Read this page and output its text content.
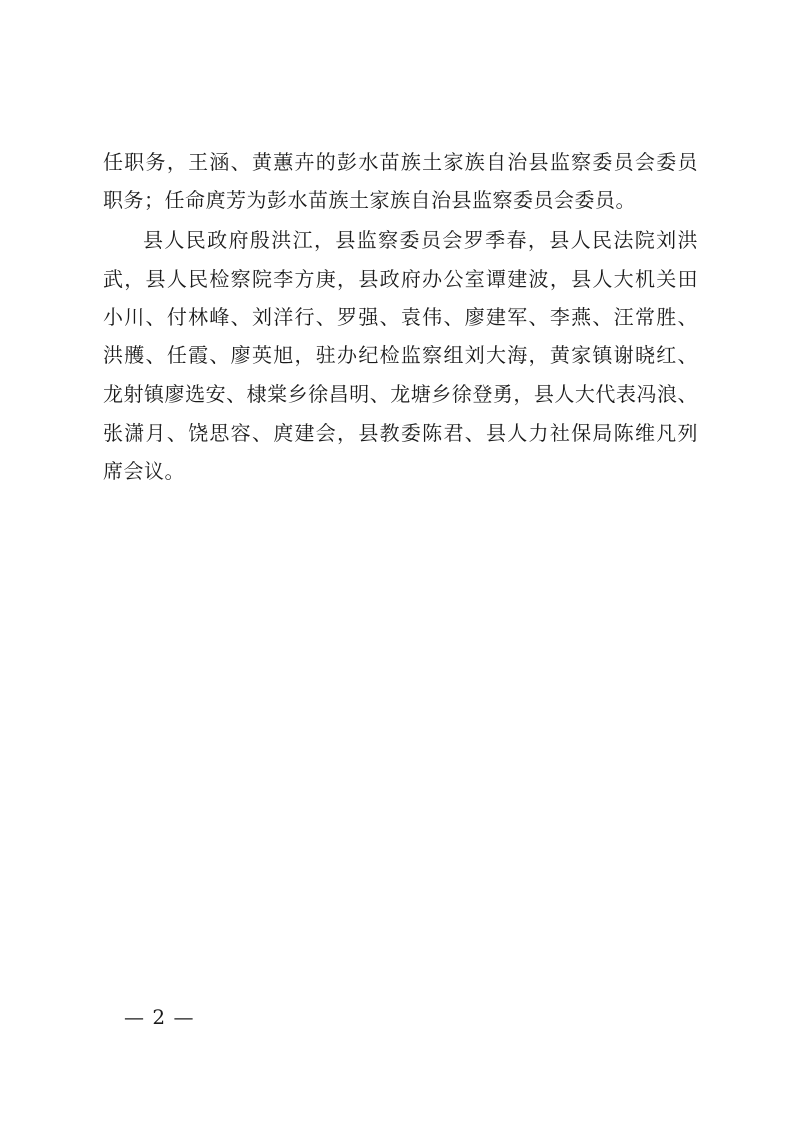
任职务，王涵、黄蕙卉的彭水苗族土家族自治县监察委员会委员
职务；任命庹芳为彭水苗族土家族自治县监察委员会委员。
县人民政府殷洪江，县监察委员会罗季春，县人民法院刘洪
武，县人民检察院李方庚，县政府办公室谭建波，县人大机关田
小川、付林峰、刘洋行、罗强、袁伟、廖建军、李燕、汪常胜、
洪雘、任霞、廖英旭，驻办纪检监察组刘大海，黄家镇谢晓红、
龙射镇廖选安、棣棠乡徐昌明、龙塘乡徐登勇，县人大代表冯浪、
张潇月、饶思容、庹建会，县教委陈君、县人力社保局陈维凡列
席会议。
— 2 —
